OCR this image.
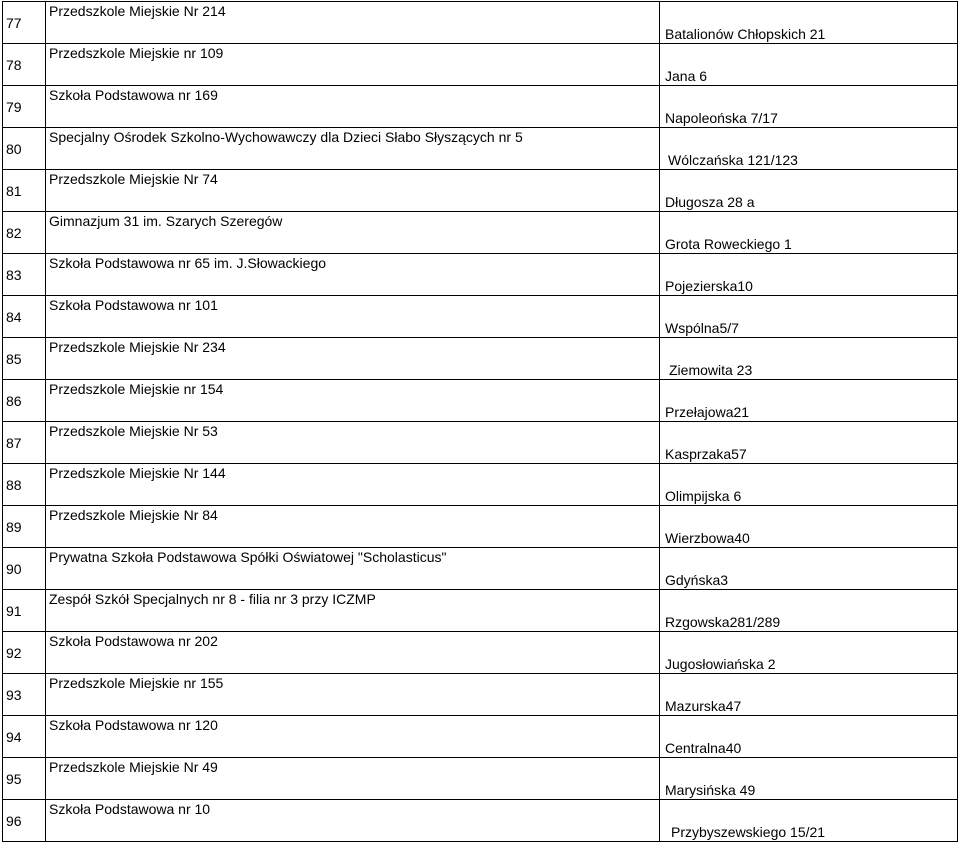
77	Przedszkole Miejskie Nr 214	Batalionów Chłopskich 21
78	Przedszkole Miejskie nr 109	Jana 6
79	Szkoła Podstawowa nr 169	Napoleońska 7/17
80	Specjalny Ośrodek Szkolno-Wychowawczy dla Dzieci Słabo Słyszących nr 5	Wólczańska 121/123
81	Przedszkole Miejskie Nr 74	Długosza 28 a
82	Gimnazjum 31 im. Szarych Szeregów	Grota Roweckiego 1
83	Szkoła Podstawowa nr 65 im. J.Słowackiego	Pojezierska10
84	Szkoła Podstawowa nr 101	Wspólna5/7
85	Przedszkole Miejskie Nr 234	Ziemowita 23
86	Przedszkole Miejskie nr 154	Przełajowa21
87	Przedszkole Miejskie Nr 53	Kasprzaka57
88	Przedszkole Miejskie Nr 144	Olimpijska 6
89	Przedszkole Miejskie Nr 84	Wierzbowa40
90	Prywatna Szkoła Podstawowa Spółki Oświatowej "Scholasticus"	Gdyńska3
91	Zespół Szkół Specjalnych nr 8 - filia nr 3 przy ICZMP	Rzgowska281/289
92	Szkoła Podstawowa nr 202	Jugosłowiańska 2
93	Przedszkole Miejskie nr 155	Mazurska47
94	Szkoła Podstawowa nr 120	Centralna40
95	Przedszkole Miejskie Nr 49	Marysińska 49
96	Szkoła Podstawowa nr 10	Przybyszewskiego 15/21
